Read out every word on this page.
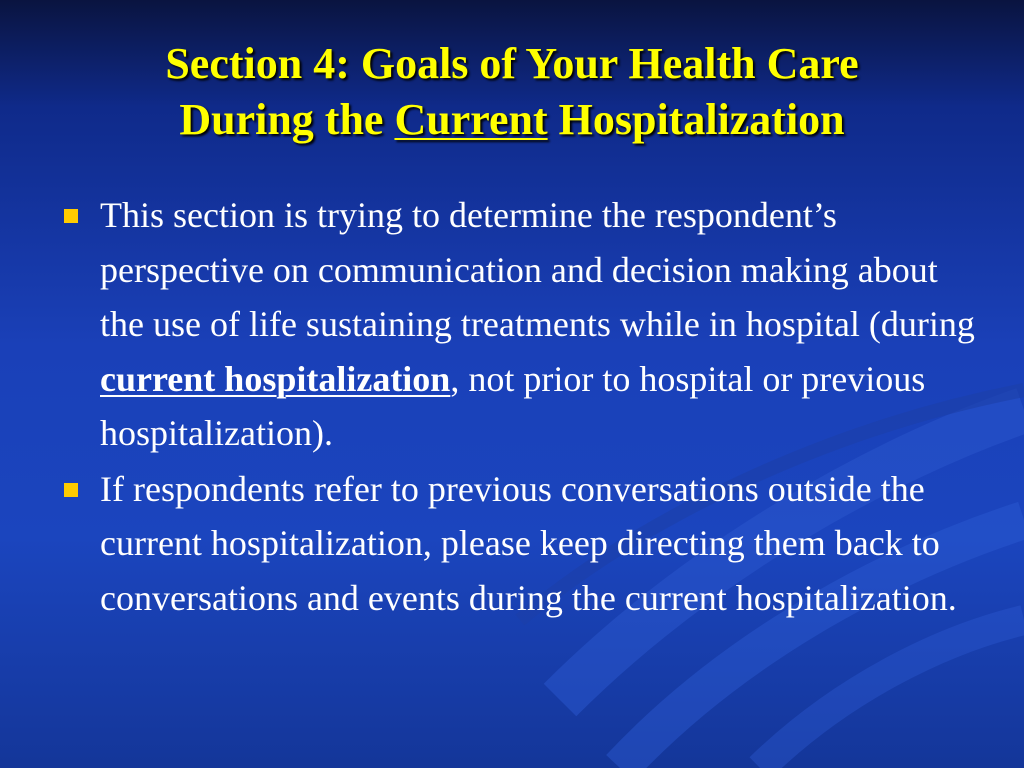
Section 4: Goals of Your Health Care
During the Current Hospitalization
This section is trying to determine the respondent’s perspective on communication and decision making about the use of life sustaining treatments while in hospital (during current hospitalization, not prior to hospital or previous hospitalization).
If respondents refer to previous conversations outside the current hospitalization, please keep directing them back to conversations and events during the current hospitalization.
